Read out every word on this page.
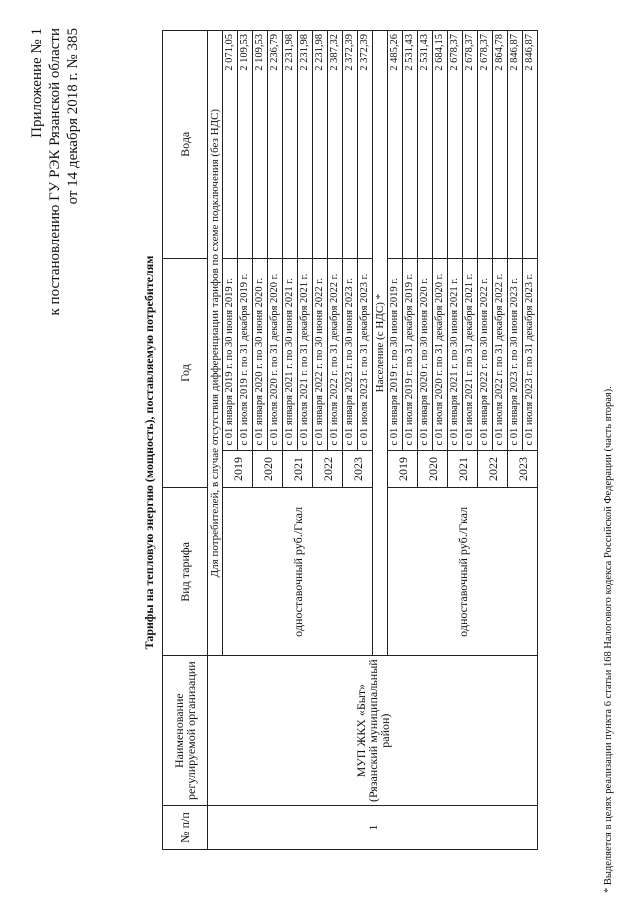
Приложение № 1 к постановлению ГУ РЭК Рязанской области от 14 декабря 2018 г. № 385
Тарифы на тепловую энергию (мощность), поставляемую потребителям
№ п/п	Наименование регулируемой организации	Вид тарифа	Год		Вода
1	МУП ЖКХ «Быт» (Рязанский муниципальный район)	Для потребителей, в случае отсутствия дифференциации тарифов по схеме подключения (без НДС)			
		одноставочный руб./Гкал	2019	с 01 января 2019 г. по 30 июня 2019 г.	2 071,05
				с 01 июля 2019 г. по 31 декабря 2019 г.	2 109,53
			2020	с 01 января 2020 г. по 30 июня 2020 г.	2 109,53
				с 01 июля 2020 г. по 31 декабря 2020 г.	2 236,79
			2021	с 01 января 2021 г. по 30 июня 2021 г.	2 231,98
				с 01 июля 2021 г. по 31 декабря 2021 г.	2 231,98
			2022	с 01 января 2022 г. по 30 июня 2022 г.	2 231,98
				с 01 июля 2022 г. по 31 декабря 2022 г.	2 387,32
			2023	с 01 января 2023 г. по 30 июня 2023 г.	2 372,39
				с 01 июля 2023 г. по 31 декабря 2023 г.	2 372,39
		Население (с НДС) *			
		одноставочный руб./Гкал	2019	с 01 января 2019 г. по 30 июня 2019 г.	2 485,26
				с 01 июля 2019 г. по 31 декабря 2019 г.	2 531,43
			2020	с 01 января 2020 г. по 30 июня 2020 г.	2 531,43
				с 01 июля 2020 г. по 31 декабря 2020 г.	2 684,15
			2021	с 01 января 2021 г. по 30 июня 2021 г.	2 678,37
				с 01 июля 2021 г. по 31 декабря 2021 г.	2 678,37
			2022	с 01 января 2022 г. по 30 июня 2022 г.	2 678,37
				с 01 июля 2022 г. по 31 декабря 2022 г.	2 864,78
			2023	с 01 января 2023 г. по 30 июня 2023 г.	2 846,87
				с 01 июля 2023 г. по 31 декабря 2023 г.	2 846,87
* Выделяется в целях реализации пункта 6 статьи 168 Налогового кодекса Российской Федерации (часть вторая).
